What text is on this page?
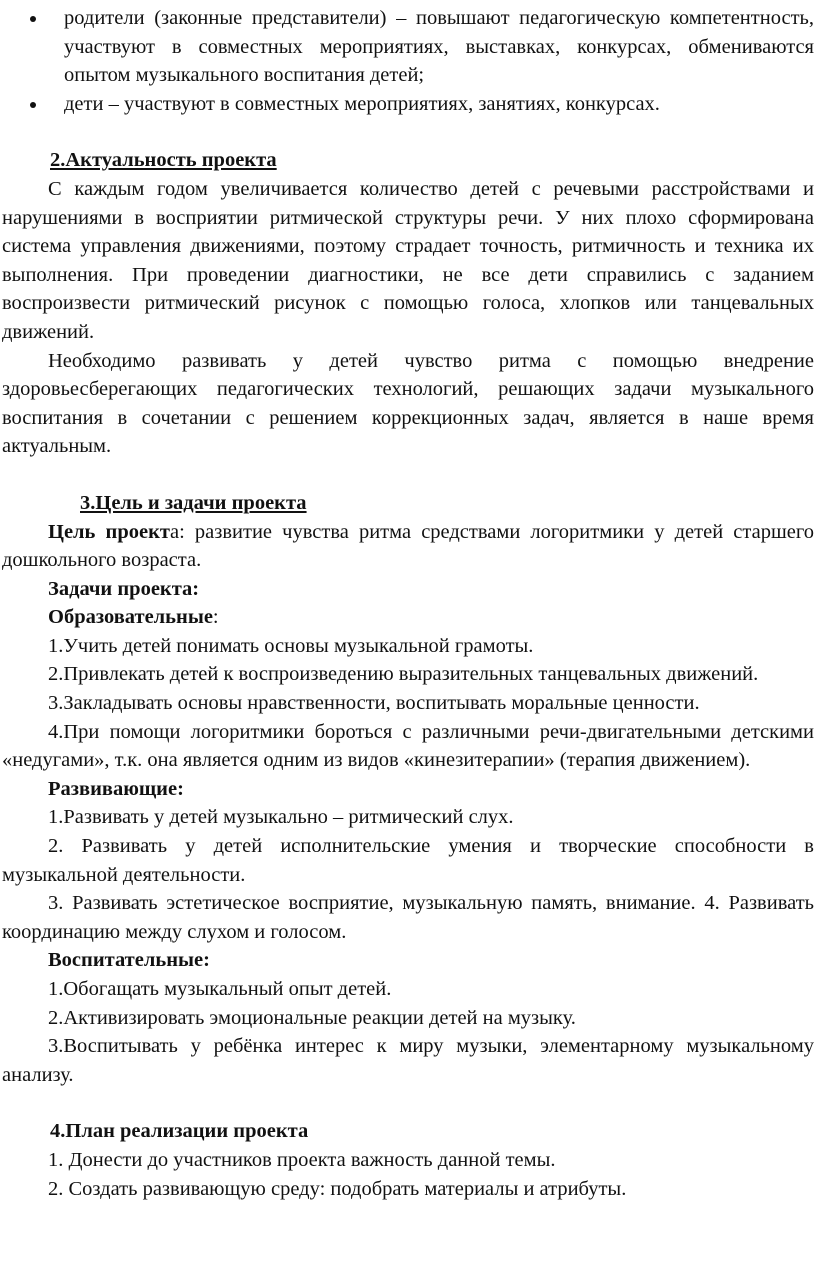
родители (законные представители) – повышают педагогическую компетентность, участвуют в совместных мероприятиях, выставках, конкурсах, обмениваются опытом музыкального воспитания детей;
дети – участвуют в совместных мероприятиях, занятиях, конкурсах.

2.Актуальность проекта

С каждым годом увеличивается количество детей с речевыми расстройствами и нарушениями в восприятии ритмической структуры речи. У них плохо сформирована система управления движениями, поэтому страдает точность, ритмичность и техника их выполнения. При проведении диагностики, не все дети справились с заданием воспроизвести ритмический рисунок с помощью голоса, хлопков или танцевальных движений.

Необходимо развивать у детей чувство ритма с помощью внедрение здоровьесберегающих педагогических технологий, решающих задачи музыкального воспитания в сочетании с решением коррекционных задач, является в наше время актуальным.

3.Цель и задачи проекта

Цель проекта: развитие чувства ритма средствами логоритмики у детей старшего дошкольного возраста.

Задачи проекта:

Образовательные:

1.Учить детей понимать основы музыкальной грамоты.

2.Привлекать детей к воспроизведению выразительных танцевальных движений.

3.Закладывать основы нравственности, воспитывать моральные ценности.

4.При помощи логоритмики бороться с различными речи-двигательными детскими «недугами», т.к. она является одним из видов «кинезитерапии» (терапия движением).

Развивающие:

1.Развивать у детей музыкально – ритмический слух.

2. Развивать у детей исполнительские умения и творческие способности в музыкальной деятельности.

3. Развивать эстетическое восприятие, музыкальную память, внимание. 4. Развивать координацию между слухом и голосом.

Воспитательные:

1.Обогащать музыкальный опыт детей.

2.Активизировать эмоциональные реакции детей на музыку.

3.Воспитывать у ребёнка интерес к миру музыки, элементарному музыкальному анализу.

4.План реализации проекта

1. Донести до участников проекта важность данной темы.

2. Создать развивающую среду: подобрать материалы и атрибуты.
